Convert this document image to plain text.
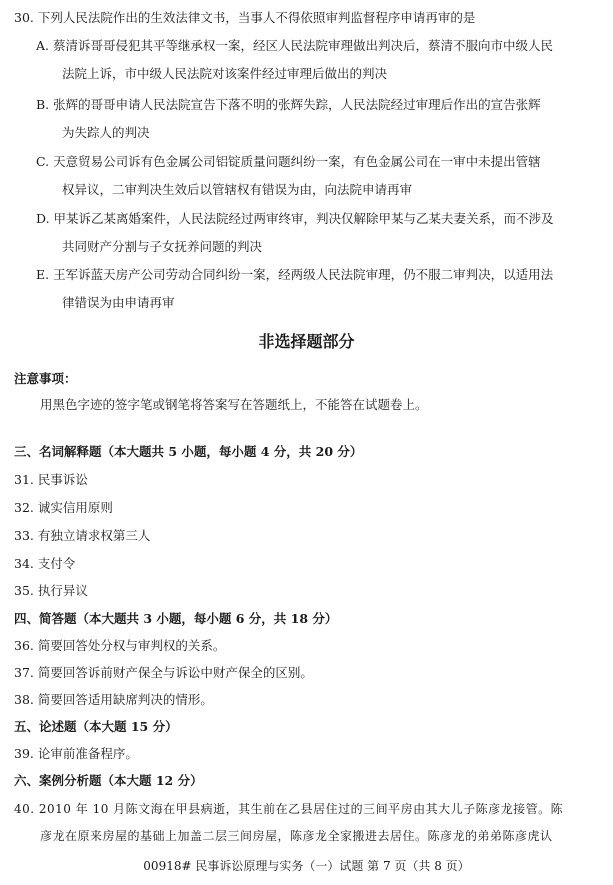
30. 下列人民法院作出的生效法律文书，当事人不得依照审判监督程序申请再审的是
A. 蔡清诉哥哥侵犯其平等继承权一案，经区人民法院审理做出判决后，蔡清不服向市中级人民
法院上诉，市中级人民法院对该案件经过审理后做出的判决
B. 张辉的哥哥申请人民法院宣告下落不明的张辉失踪，人民法院经过审理后作出的宣告张辉
为失踪人的判决
C. 天意贸易公司诉有色金属公司铝锭质量问题纠纷一案，有色金属公司在一审中未提出管辖
权异议，二审判决生效后以管辖权有错误为由，向法院申请再审
D. 甲某诉乙某离婚案件，人民法院经过两审终审，判决仅解除甲某与乙某夫妻关系，而不涉及
共同财产分割与子女抚养问题的判决
E. 王军诉蓝天房产公司劳动合同纠纷一案，经两级人民法院审理，仍不服二审判决，以适用法
律错误为由申请再审
非选择题部分
注意事项：
用黑色字迹的签字笔或钢笔将答案写在答题纸上，不能答在试题卷上。
三、名词解释题（本大题共 5 小题，每小题 4 分，共 20 分）
31. 民事诉讼
32. 诚实信用原则
33. 有独立请求权第三人
34. 支付令
35. 执行异议
四、简答题（本大题共 3 小题，每小题 6 分，共 18 分）
36. 简要回答处分权与审判权的关系。
37. 简要回答诉前财产保全与诉讼中财产保全的区别。
38. 简要回答适用缺席判决的情形。
五、论述题（本大题 15 分）
39. 论审前准备程序。
六、案例分析题（本大题 12 分）
40. 2010 年 10 月陈文海在甲县病逝，其生前在乙县居住过的三间平房由其大儿子陈彦龙接管。陈
彦龙在原来房屋的基础上加盖二层三间房屋，陈彦龙全家搬进去居住。陈彦龙的弟弟陈彦虎认
00918# 民事诉讼原理与实务（一）试题 第 7 页（共 8 页）
